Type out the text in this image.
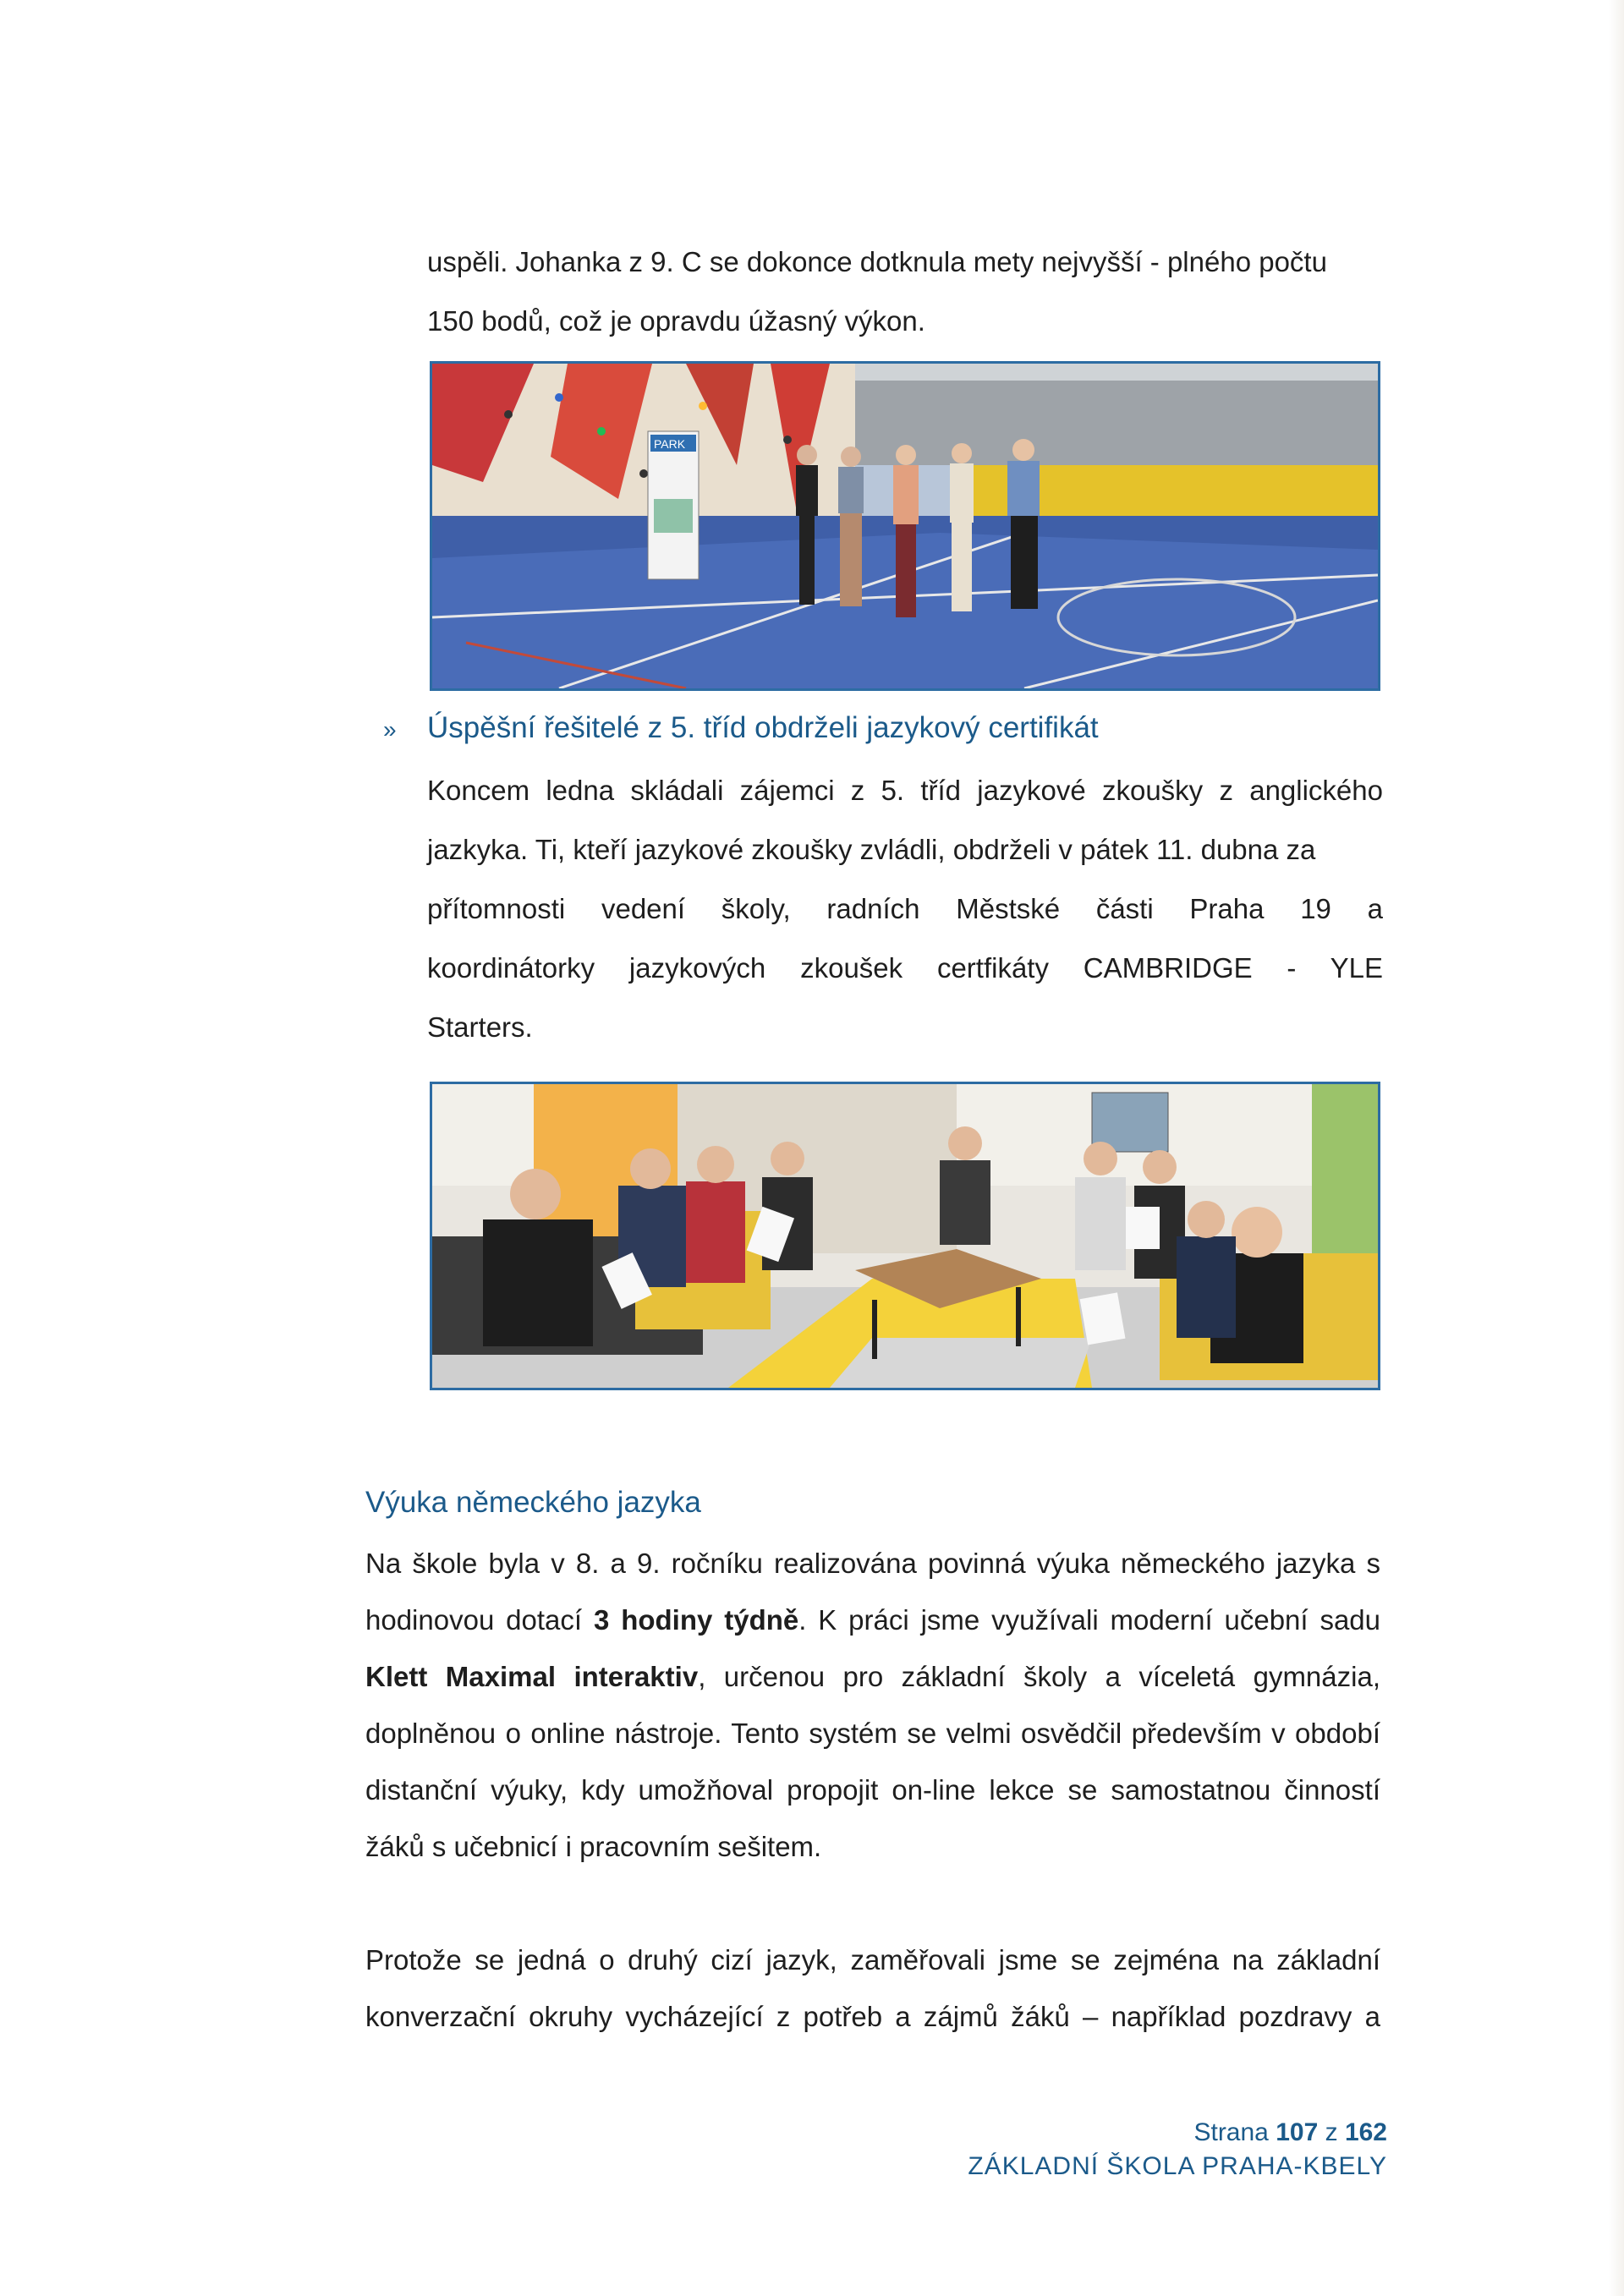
uspěli. Johanka z 9. C se dokonce dotknula mety nejvyšší - plného počtu

150 bodů, což je opravdu úžasný výkon.

PARK
» Úspěšní řešitelé z 5. tříd obdrželi jazykový certifikát

Koncem ledna skládali zájemci z 5. tříd jazykové zkoušky z anglického

jazkyka. Ti, kteří jazykové zkoušky zvládli, obdrželi v pátek 11. dubna za

přítomnosti vedení školy, radních Městské části Praha 19 a

koordinátorky jazykových zkoušek certfikáty CAMBRIDGE - YLE

Starters.

Výuka německého jazyka

Na škole byla v 8. a 9. ročníku realizována povinná výuka německého jazyka s

hodinovou dotací 3 hodiny týdně. K práci jsme využívali moderní učební sadu

Klett Maximal interaktiv, určenou pro základní školy a víceletá gymnázia,

doplněnou o online nástroje. Tento systém se velmi osvědčil především v období

distanční výuky, kdy umožňoval propojit on-line lekce se samostatnou činností

žáků s učebnicí i pracovním sešitem.

Protože se jedná o druhý cizí jazyk, zaměřovali jsme se zejména na základní

konverzační okruhy vycházející z potřeb a zájmů žáků – například pozdravy a

Strana 107 z 162
ZÁKLADNÍ ŠKOLA PRAHA-KBELY
